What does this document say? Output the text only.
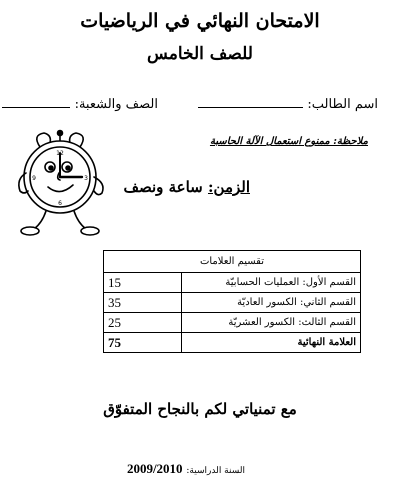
الامتحان النهائي في الرياضيات
للصف الخامس
اسم الطالب:
الصف والشعبة:
ملاحظة: ممنوع استعمال الآلة الحاسبة
الزمن: ساعة ونصف
12
3
6
9
تقسيم العلامات	
القسم الأول: العمليات الحسابيّة	15
القسم الثاني: الكسور العاديّة	35
القسم الثالث: الكسور العشريّة	25
العلامة النهائية	75
مع تمنياتي لكم بالنجاح المتفوّق
السنة الدراسية: 2009/2010
